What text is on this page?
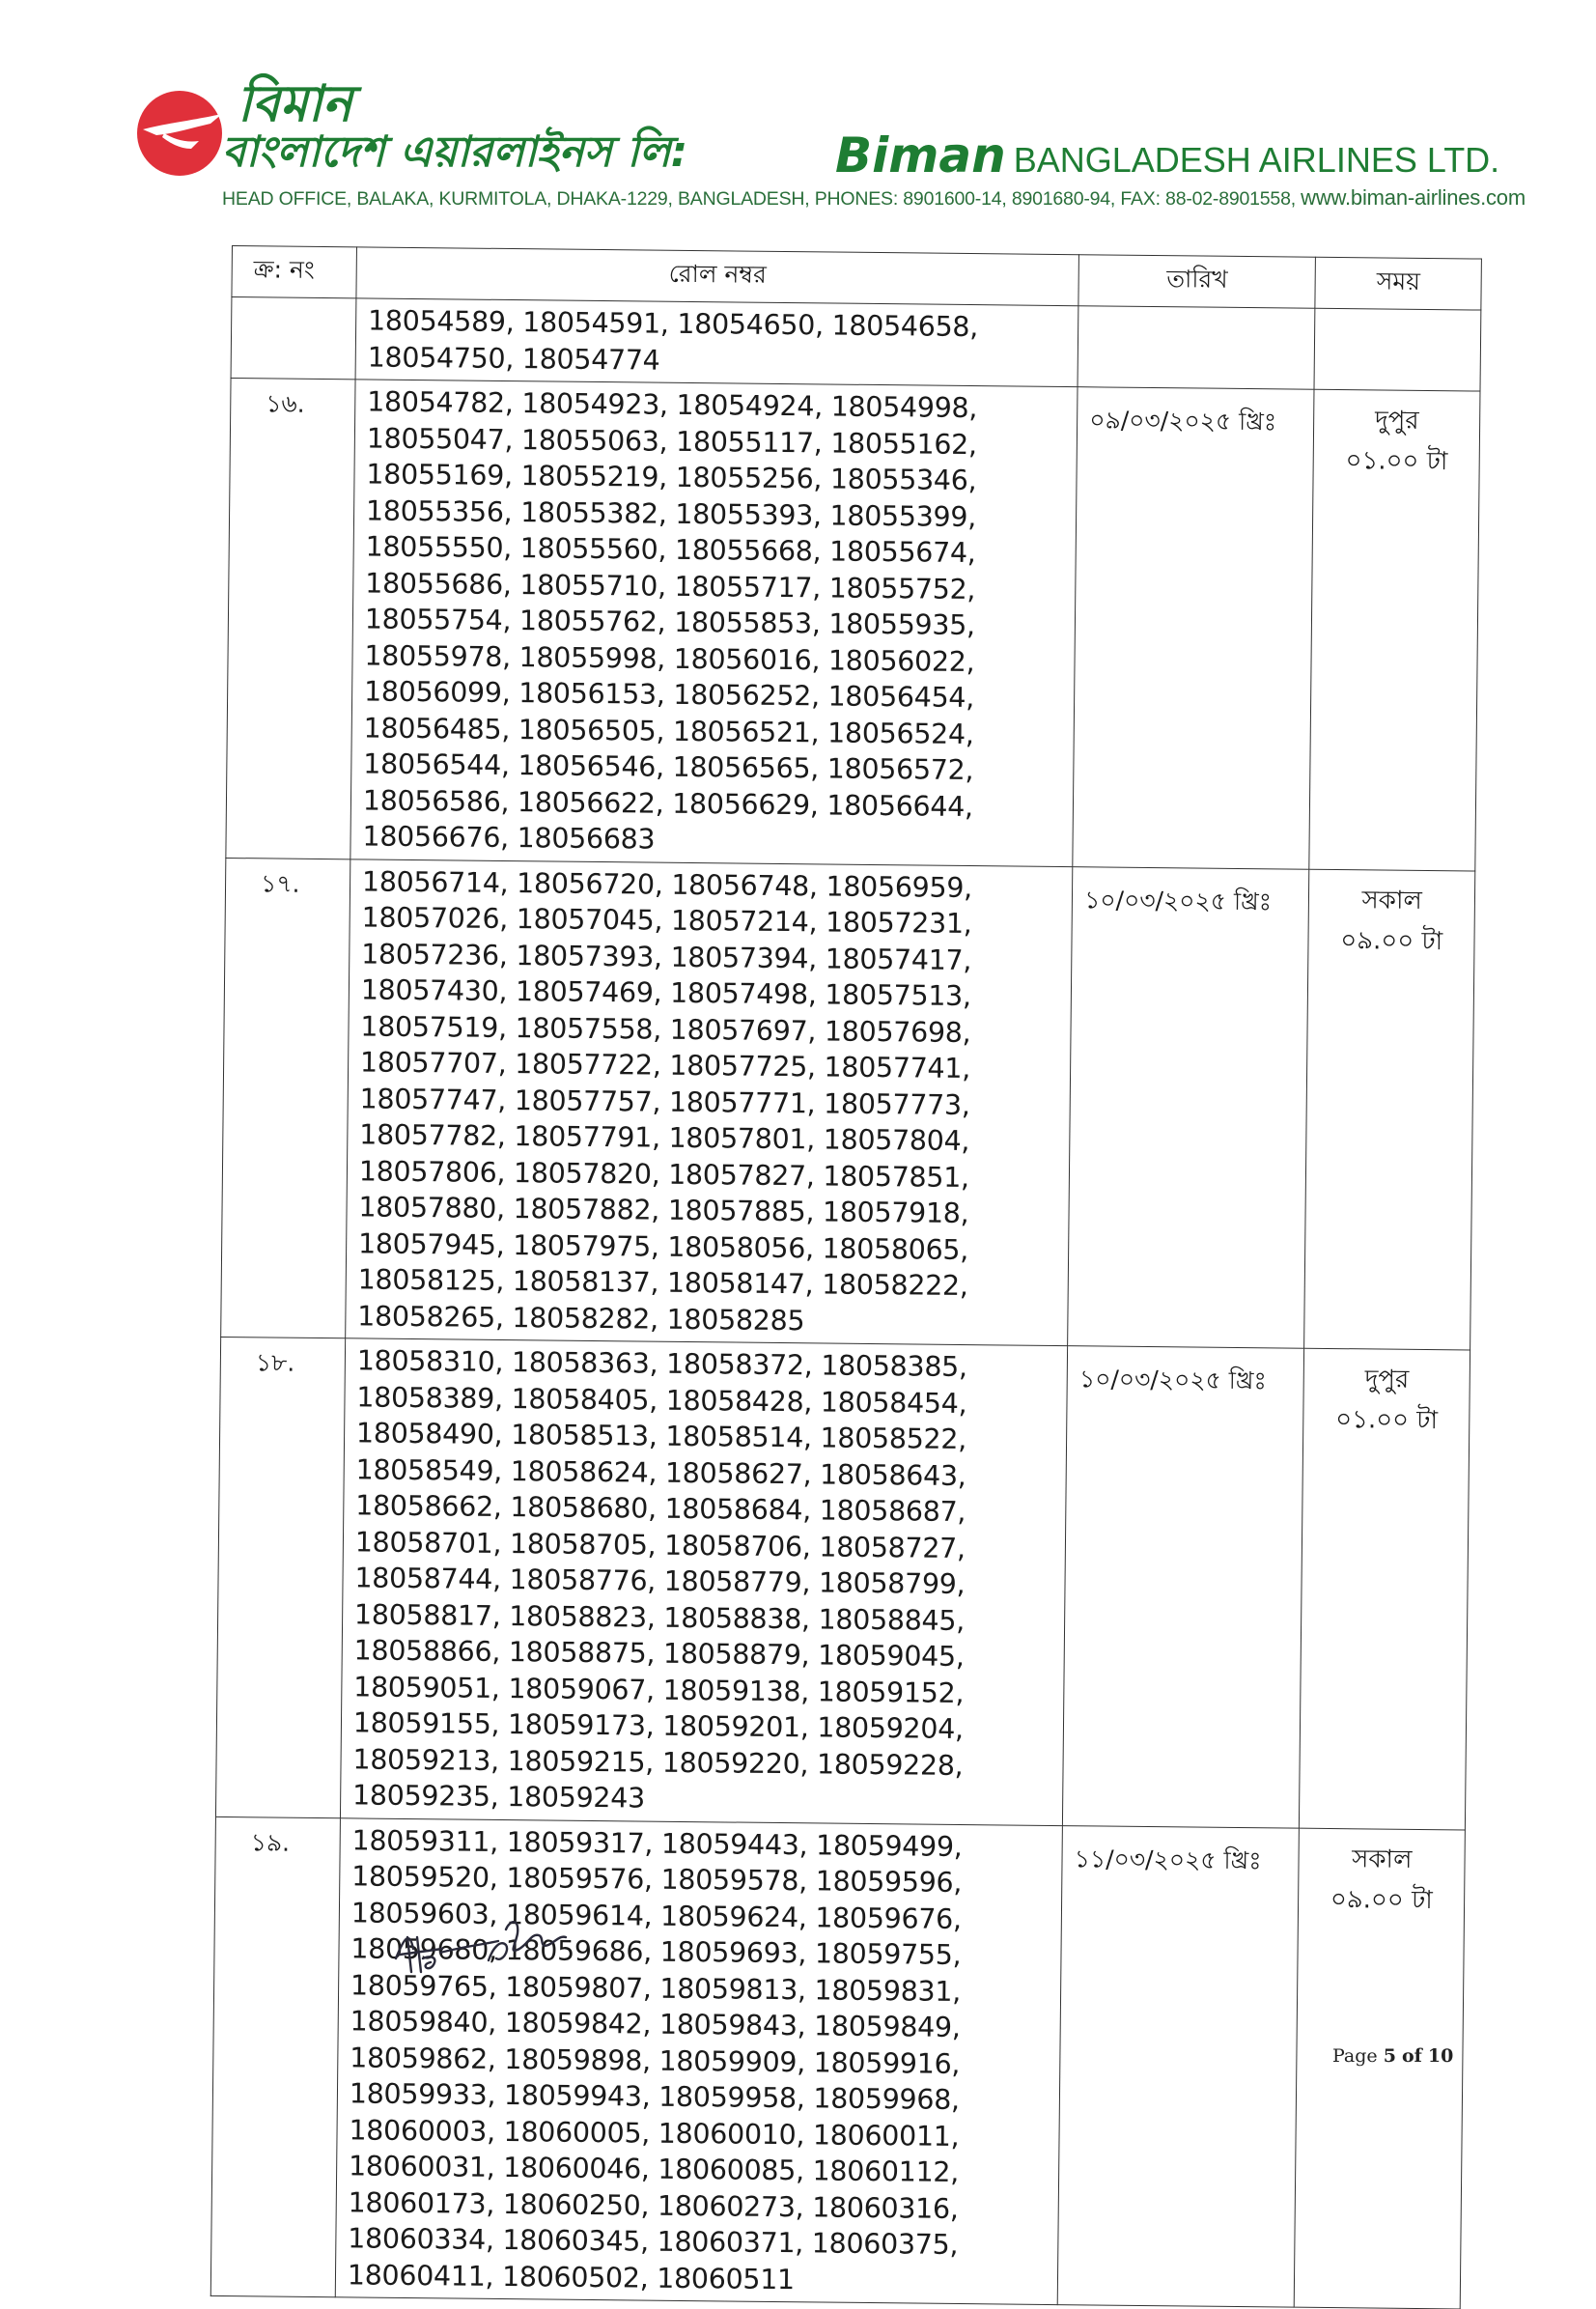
বিমান
বাংলাদেশ এয়ারলাইনস লি:	Biman BANGLADESH AIRLINES LTD.
HEAD OFFICE, BALAKA, KURMITOLA, DHAKA-1229, BANGLADESH, PHONES: 8901600-14, 8901680-94, FAX: 88-02-8901558, www.biman-airlines.com
ক্র: নং	রোল নম্বর	তারিখ	সময়
	18054589, 18054591, 18054650, 18054658, 18054750, 18054774		

১৬.	18054782, 18054923, 18054924, 18054998, 18055047, 18055063, 18055117, 18055162, 18055169, 18055219, 18055256, 18055346, 18055356, 18055382, 18055393, 18055399, 18055550, 18055560, 18055668, 18055674, 18055686, 18055710, 18055717, 18055752, 18055754, 18055762, 18055853, 18055935, 18055978, 18055998, 18056016, 18056022, 18056099, 18056153, 18056252, 18056454, 18056485, 18056505, 18056521, 18056524, 18056544, 18056546, 18056565, 18056572, 18056586, 18056622, 18056629, 18056644, 18056676, 18056683	০৯/০৩/২০২৫ খ্রিঃ	দুপুর
০১.০০ টা

১৭.	18056714, 18056720, 18056748, 18056959, 18057026, 18057045, 18057214, 18057231, 18057236, 18057393, 18057394, 18057417, 18057430, 18057469, 18057498, 18057513, 18057519, 18057558, 18057697, 18057698, 18057707, 18057722, 18057725, 18057741, 18057747, 18057757, 18057771, 18057773, 18057782, 18057791, 18057801, 18057804, 18057806, 18057820, 18057827, 18057851, 18057880, 18057882, 18057885, 18057918, 18057945, 18057975, 18058056, 18058065, 18058125, 18058137, 18058147, 18058222, 18058265, 18058282, 18058285	১০/০৩/২০২৫ খ্রিঃ	সকাল
০৯.০০ টা

১৮.	18058310, 18058363, 18058372, 18058385, 18058389, 18058405, 18058428, 18058454, 18058490, 18058513, 18058514, 18058522, 18058549, 18058624, 18058627, 18058643, 18058662, 18058680, 18058684, 18058687, 18058701, 18058705, 18058706, 18058727, 18058744, 18058776, 18058779, 18058799, 18058817, 18058823, 18058838, 18058845, 18058866, 18058875, 18058879, 18059045, 18059051, 18059067, 18059138, 18059152, 18059155, 18059173, 18059201, 18059204, 18059213, 18059215, 18059220, 18059228, 18059235, 18059243	১০/০৩/২০২৫ খ্রিঃ	দুপুর
০১.০০ টা

১৯.	18059311, 18059317, 18059443, 18059499, 18059520, 18059576, 18059578, 18059596, 18059603, 18059614, 18059624, 18059676, 18059680, 18059686, 18059693, 18059755, 18059765, 18059807, 18059813, 18059831, 18059840, 18059842, 18059843, 18059849, 18059862, 18059898, 18059909, 18059916, 18059933, 18059943, 18059958, 18059968, 18060003, 18060005, 18060010, 18060011, 18060031, 18060046, 18060085, 18060112, 18060173, 18060250, 18060273, 18060316, 18060334, 18060345, 18060371, 18060375, 18060411, 18060502, 18060511	১১/০৩/২০২৫ খ্রিঃ	সকাল
০৯.০০ টা
Page 5 of 10
